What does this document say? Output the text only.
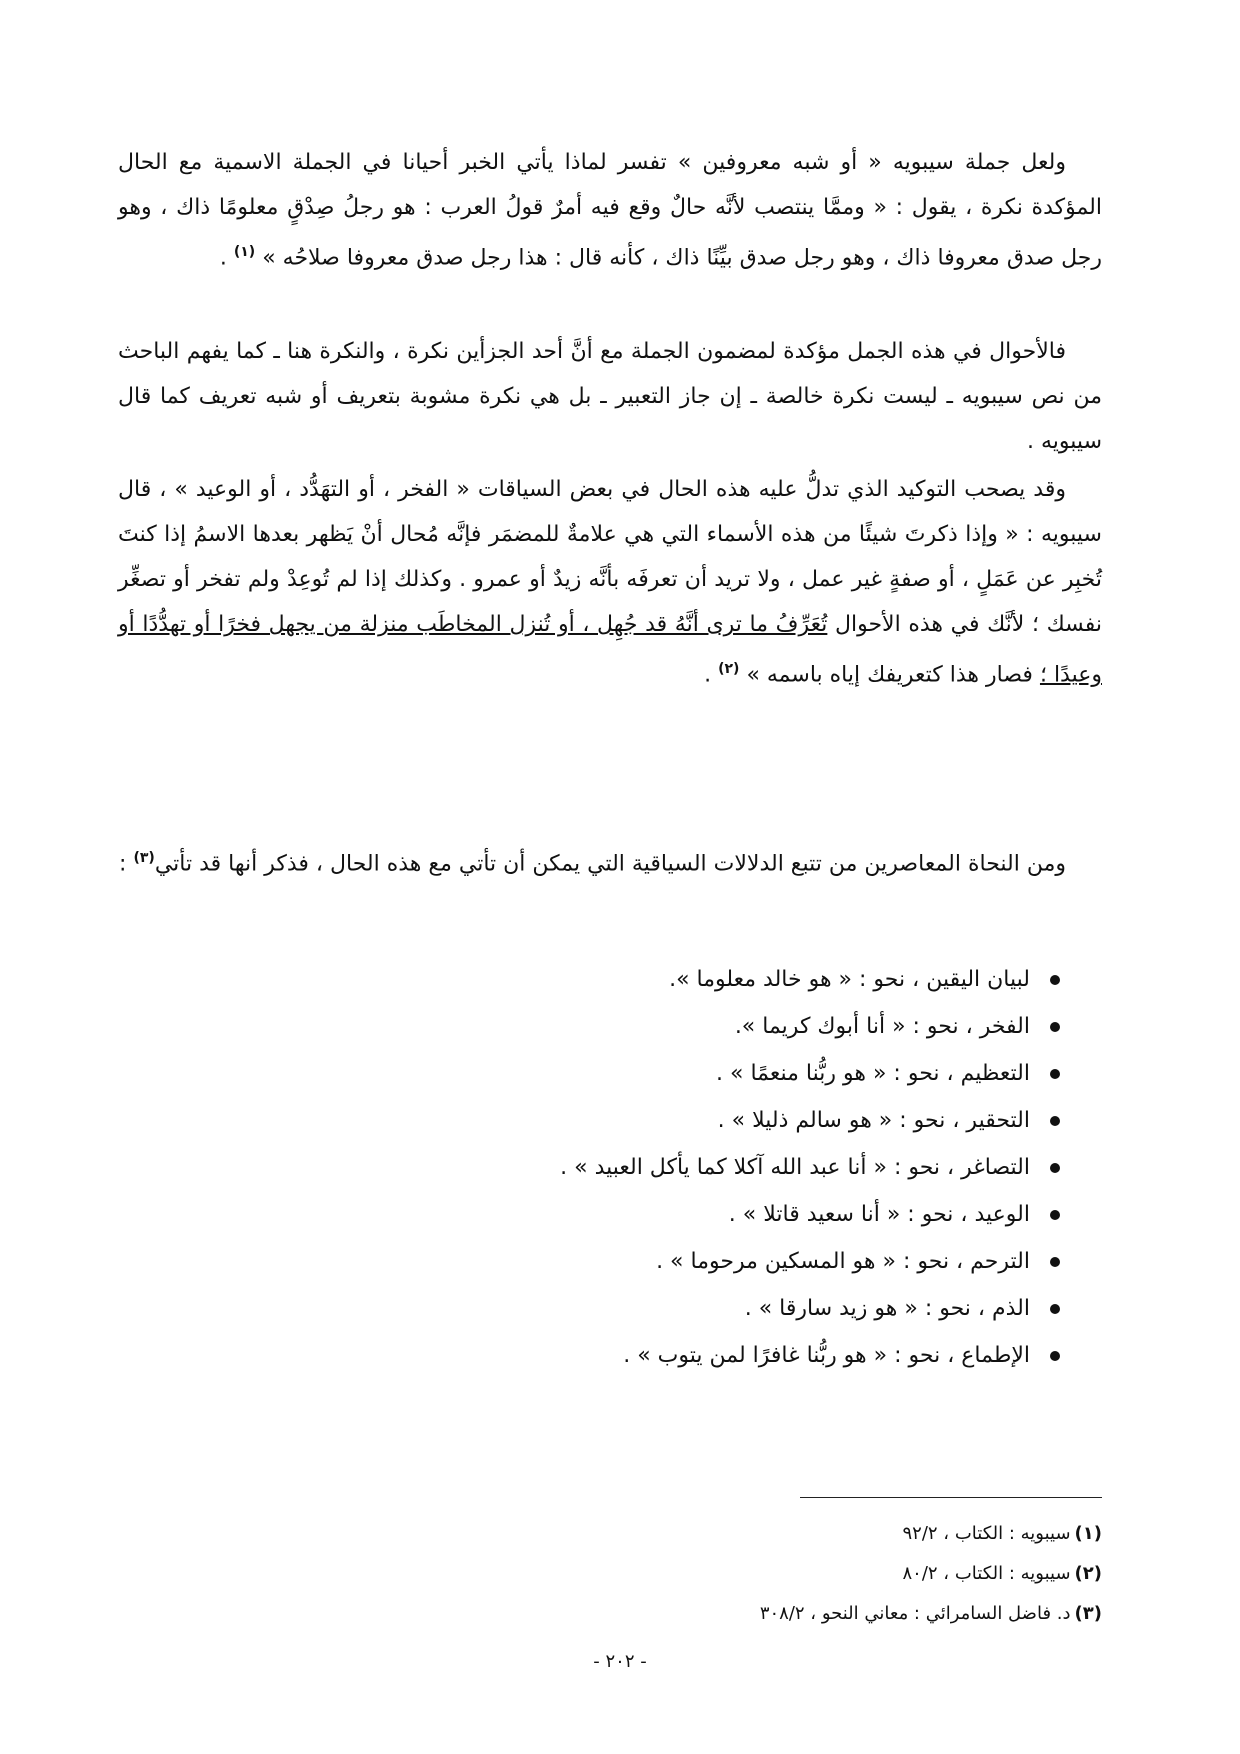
ولعل جملة سيبويه « أو شبه معروفين » تفسر لماذا يأتي الخبر أحيانا في الجملة الاسمية مع الحال المؤكدة نكرة ، يقول : « وممَّا ينتصب لأنَّه حالٌ وقع فيه أمرٌ قولُ العرب : هو رجلُ صِدْقٍ معلومًا ذاك ، وهو رجل صدق معروفا ذاك ، وهو رجل صدق بيِّنًا ذاك ، كأنه قال : هذا رجل صدق معروفا صلاحُه » $^{(١)}$ .

فالأحوال في هذه الجمل مؤكدة لمضمون الجملة مع أنَّ أحد الجزأين نكرة ، والنكرة هنا ـ كما يفهم الباحث من نص سيبويه ـ ليست نكرة خالصة ـ إن جاز التعبير ـ بل هي نكرة مشوبة بتعريف أو شبه تعريف كما قال سيبويه .

وقد يصحب التوكيد الذي تدلُّ عليه هذه الحال في بعض السياقات « الفخر ، أو التهَدُّد ، أو الوعيد » ، قال سيبويه : « وإذا ذكرتَ شيئًا من هذه الأسماء التي هي علامةٌ للمضمَر فإنَّه مُحال أنْ يَظهر بعدها الاسمُ إذا كنتَ تُخبِر عن عَمَلٍ ، أو صفةٍ غير عمل ، ولا تريد أن تعرفَه بأنَّه زيدٌ أو عمرو . وكذلك إذا لم تُوعِدْ ولم تفخر أو تصغِّر نفسك ؛ لأنَّك في هذه الأحوال تُعَرِّفُ ما ترى أنَّهُ قد جُهِل ، أو تُنزل المخاطَب منزلة من يجهل فخرًا أو تهدُّدًا أو وعيدًا ؛ فصار هذا كتعريفك إياه باسمه » $^{(٢)}$ .

ومن النحاة المعاصرين من تتبع الدلالات السياقية التي يمكن أن تأتي مع هذه الحال ، فذكر أنها قد تأتي$^{(٣)}$ :

لبيان اليقين ، نحو : « هو خالد معلوما ».
الفخر ، نحو : « أنا أبوك كريما ».
التعظيم ، نحو : « هو ربُّنا منعمًا » .
التحقير ، نحو : « هو سالم ذليلا » .
التصاغر ، نحو : « أنا عبد الله آكلا كما يأكل العبيد » .
الوعيد ، نحو : « أنا سعيد قاتلا » .
الترحم ، نحو : « هو المسكين مرحوما » .
الذم ، نحو : « هو زيد سارقا » .
الإطماع ، نحو : « هو ربُّنا غافرًا لمن يتوب » .
(١)سيبويه : الكتاب ، ٩٢/٢
(٢)سيبويه : الكتاب ، ٨٠/٢
(٣)د. فاضل السامرائي : معاني النحو ، ٣٠٨/٢
- ٢٠٢ -
